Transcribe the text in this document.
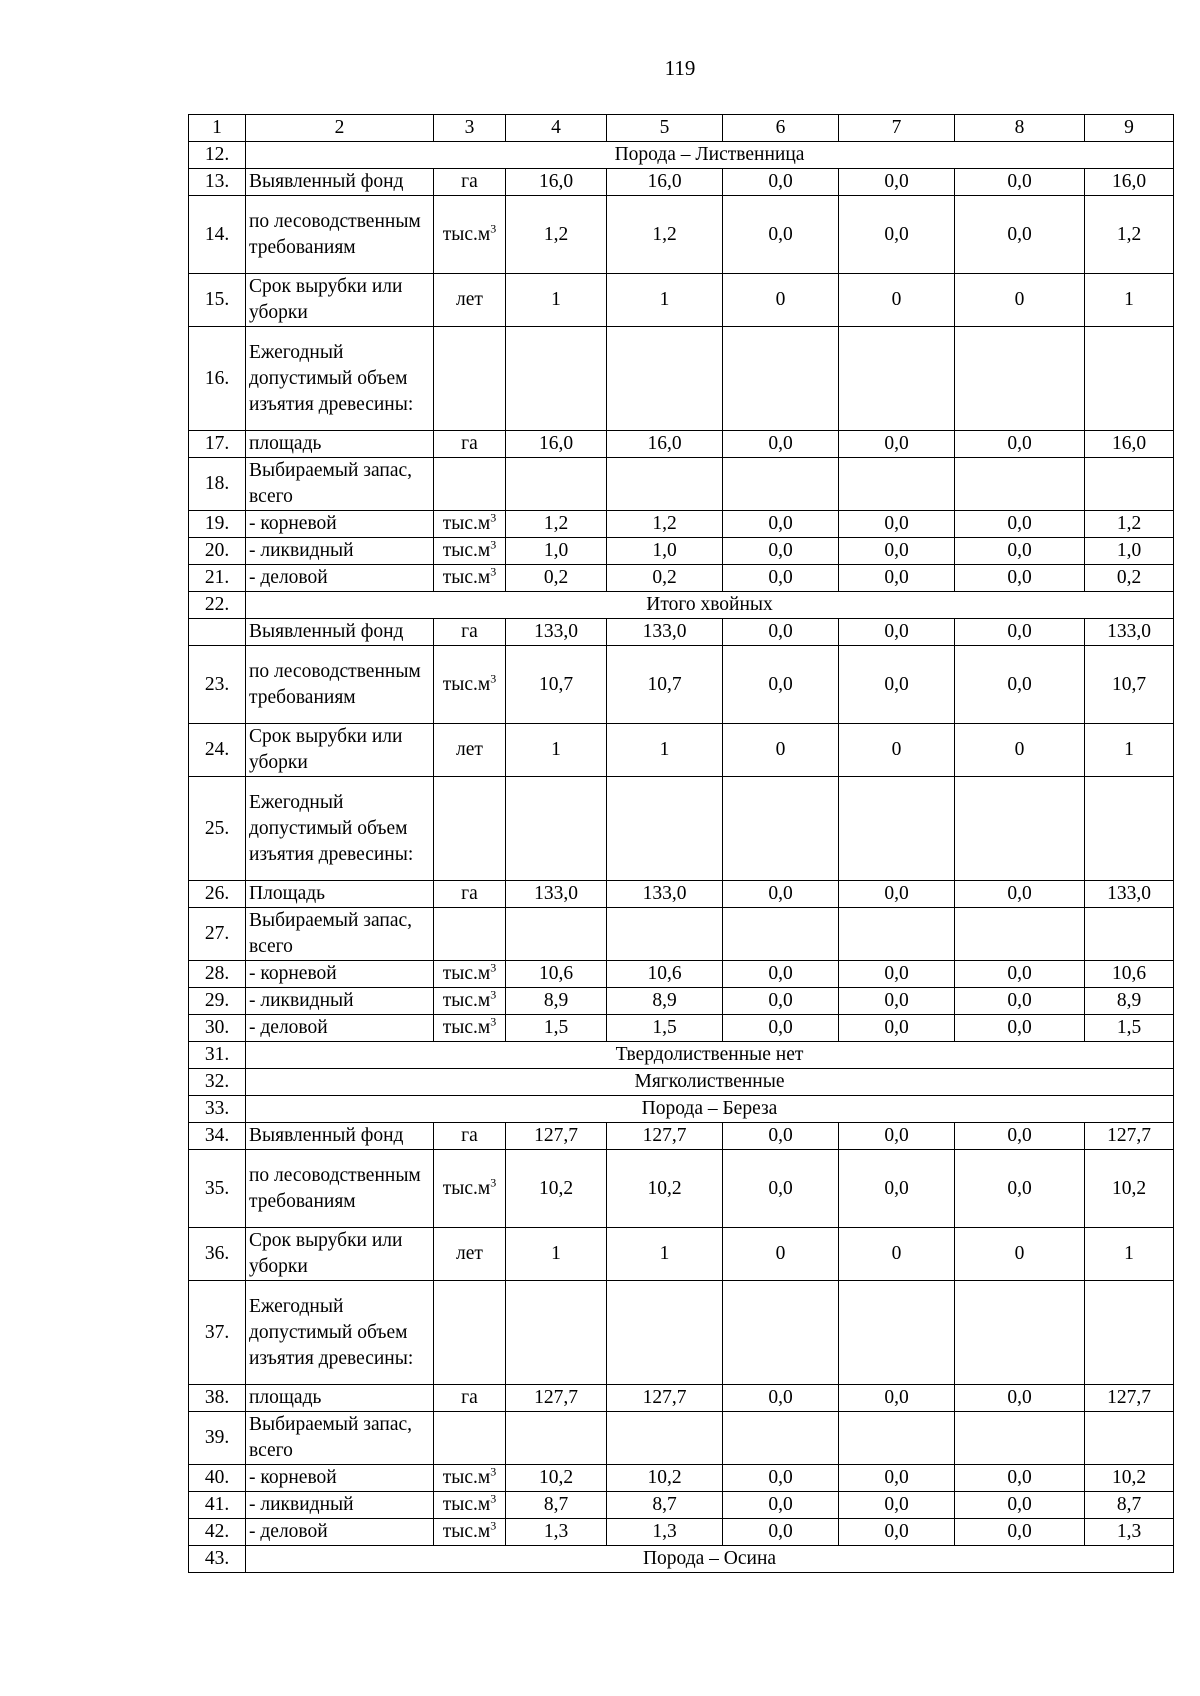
119
1	2	3	4	5	6	7	8	9
12.	Порода – Лиственница							
13.	Выявленный фонд	га	16,0	16,0	0,0	0,0	0,0	16,0
14.	по лесоводственным требованиям	$тыс.м^3$	1,2	1,2	0,0	0,0	0,0	1,2
15.	Срок вырубки или уборки	лет	1	1	0	0	0	1
16.	Ежегодный допустимый объем изъятия древесины:							
17.	площадь	га	16,0	16,0	0,0	0,0	0,0	16,0
18.	Выбираемый запас, всего							
19.	- корневой	$тыс.м^3$	1,2	1,2	0,0	0,0	0,0	1,2
20.	- ликвидный	$тыс.м^3$	1,0	1,0	0,0	0,0	0,0	1,0
21.	- деловой	$тыс.м^3$	0,2	0,2	0,0	0,0	0,0	0,2
22.	Итого хвойных							
	Выявленный фонд	га	133,0	133,0	0,0	0,0	0,0	133,0
23.	по лесоводственным требованиям	$тыс.м^3$	10,7	10,7	0,0	0,0	0,0	10,7
24.	Срок вырубки или уборки	лет	1	1	0	0	0	1
25.	Ежегодный допустимый объем изъятия древесины:							
26.	Площадь	га	133,0	133,0	0,0	0,0	0,0	133,0
27.	Выбираемый запас, всего							
28.	- корневой	$тыс.м^3$	10,6	10,6	0,0	0,0	0,0	10,6
29.	- ликвидный	$тыс.м^3$	8,9	8,9	0,0	0,0	0,0	8,9
30.	- деловой	$тыс.м^3$	1,5	1,5	0,0	0,0	0,0	1,5
31.	Твердолиственные нет							
32.	Мягколиственные							
33.	Порода – Береза							
34.	Выявленный фонд	га	127,7	127,7	0,0	0,0	0,0	127,7
35.	по лесоводственным требованиям	$тыс.м^3$	10,2	10,2	0,0	0,0	0,0	10,2
36.	Срок вырубки или уборки	лет	1	1	0	0	0	1
37.	Ежегодный допустимый объем изъятия древесины:							
38.	площадь	га	127,7	127,7	0,0	0,0	0,0	127,7
39.	Выбираемый запас, всего							
40.	- корневой	$тыс.м^3$	10,2	10,2	0,0	0,0	0,0	10,2
41.	- ликвидный	$тыс.м^3$	8,7	8,7	0,0	0,0	0,0	8,7
42.	- деловой	$тыс.м^3$	1,3	1,3	0,0	0,0	0,0	1,3
43.	Порода – Осина							
